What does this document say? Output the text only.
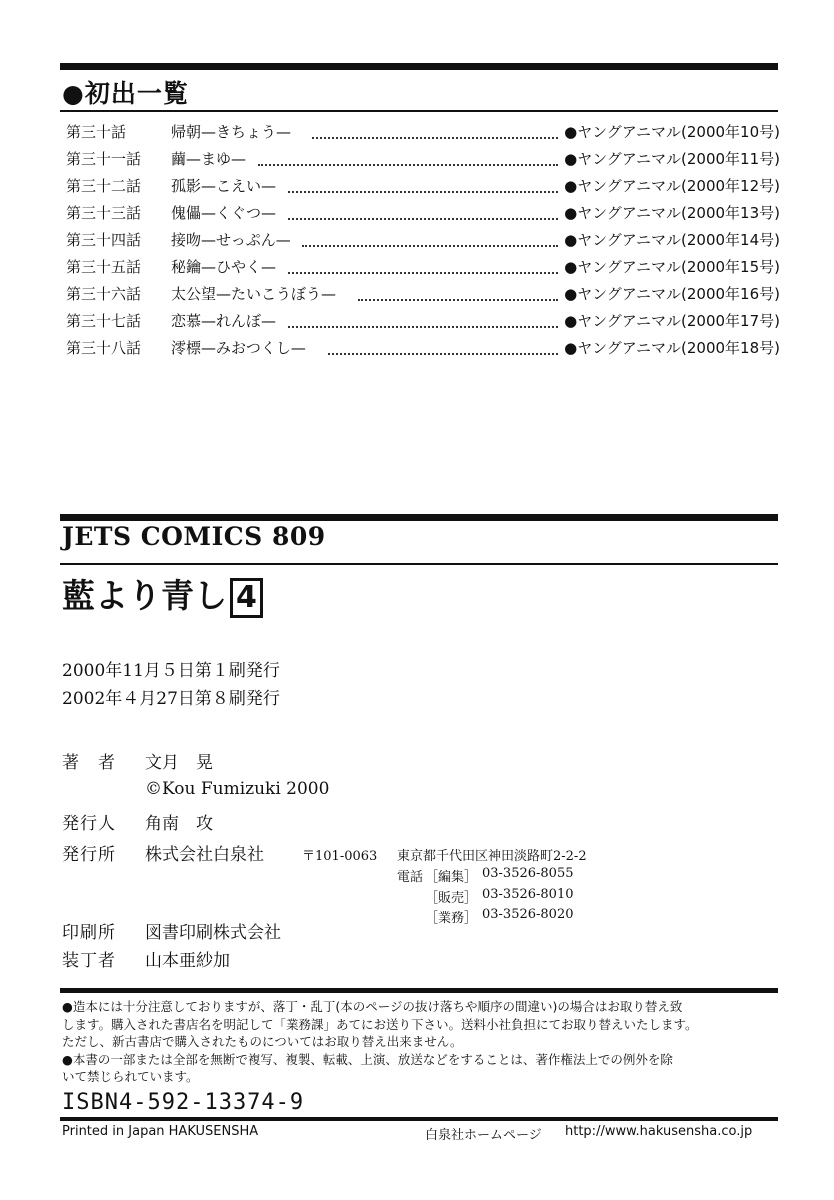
●初出一覧
第三十話	帰朝—きちょう—	●ヤングアニマル(2000年10号)
第三十一話 繭—まゆ—	●ヤングアニマル(2000年11号)
第三十二話 孤影—こえい—	●ヤングアニマル(2000年12号)
第三十三話 傀儡—くぐつ—	●ヤングアニマル(2000年13号)
第三十四話 接吻—せっぷん—	●ヤングアニマル(2000年14号)
第三十五話 秘鑰—ひやく—	●ヤングアニマル(2000年15号)
第三十六話 太公望—たいこうぼう—	●ヤングアニマル(2000年16号)
第三十七話 恋慕—れんぼ—	●ヤングアニマル(2000年17号)
第三十八話 澪標—みおつくし—	●ヤングアニマル(2000年18号)
JETS COMICS 809
藍より青し 4
2000年11月５日第１刷発行
2002年４月27日第８刷発行
著　者 文月　晃
©Kou Fumizuki 2000
発行人 角南　攻
発行所 株式会社白泉社	〒101-0063 東京都千代田区神田淡路町2-2-2
電話 ［編集］ 03-3526-8055
［販売］ 03-3526-8010
［業務］ 03-3526-8020
印刷所 図書印刷株式会社
装丁者 山本亜紗加
●造本には十分注意しておりますが、落丁・乱丁(本のページの抜け落ちや順序の間違い)の場合はお取り替え致
します。購入された書店名を明記して「業務課」あてにお送り下さい。送料小社負担にてお取り替えいたします。
ただし、新古書店で購入されたものについてはお取り替え出来ません。
●本書の一部または全部を無断で複写、複製、転載、上演、放送などをすることは、著作権法上での例外を除
いて禁じられています。
ISBN4-592-13374-9
Printed in Japan HAKUSENSHA	白泉社ホームページ http://www.hakusensha.co.jp
